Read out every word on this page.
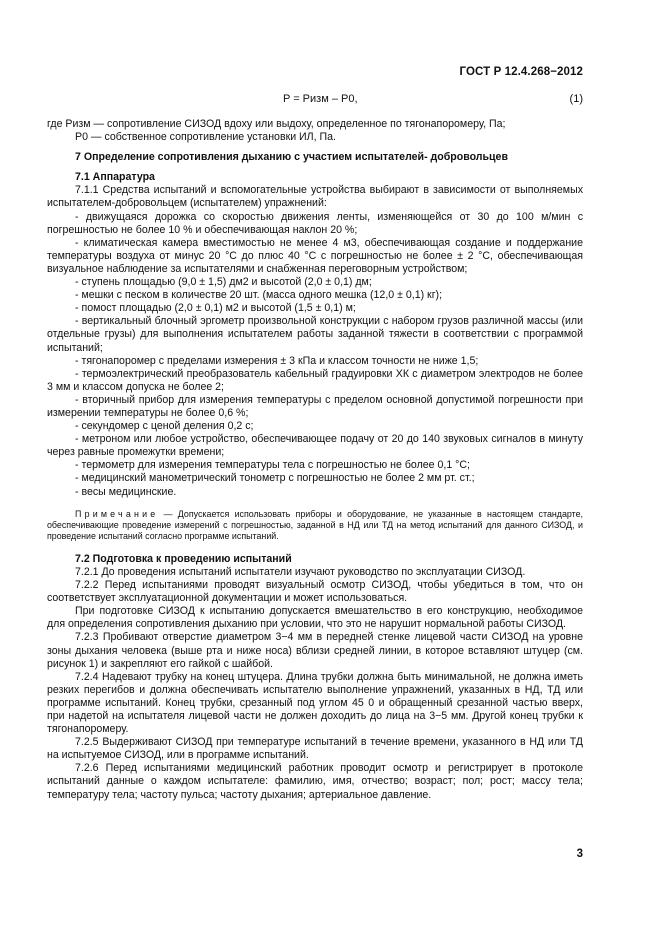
ГОСТ Р 12.4.268−2012
P = Pизм – P0,	(1)

где Pизм — сопротивление СИЗОД вдоху или выдоху, определенное по тягонапоромеру, Па;

P0 — собственное сопротивление установки ИЛ, Па.

7 Определение сопротивления дыханию с участием испытателей- добровольцев

7.1 Аппаратура

7.1.1 Средства испытаний и вспомогательные устройства выбирают в зависимости от выполняемых испытателем-добровольцем (испытателем) упражнений:

- движущаяся дорожка со скоростью движения ленты, изменяющейся от 30 до 100 м/мин с погрешностью не более 10 % и обеспечивающая наклон 20 %;

- климатическая камера вместимостью не менее 4 м3, обеспечивающая создание и поддержание температуры воздуха от минус 20 °С до плюс 40 °С с погрешностью не более ± 2 °С, обеспечивающая визуальное наблюдение за испытателями и снабженная переговорным устройством;

- ступень площадью (9,0 ± 1,5) дм2 и высотой (2,0 ± 0,1) дм;

- мешки с песком в количестве 20 шт. (масса одного мешка (12,0 ± 0,1) кг);

- помост площадью (2,0 ± 0,1) м2 и высотой (1,5 ± 0,1) м;

- вертикальный блочный эргометр произвольной конструкции с набором грузов различной массы (или отдельные грузы) для выполнения испытателем работы заданной тяжести в соответствии с программой испытаний;

- тягонапоромер с пределами измерения ± 3 кПа и классом точности не ниже 1,5;

- термоэлектрический преобразователь кабельный градуировки ХК с диаметром электродов не более 3 мм и классом допуска не более 2;

- вторичный прибор для измерения температуры с пределом основной допустимой погрешности при измерении температуры не более 0,6 %;

- секундомер с ценой деления 0,2 с;

- метроном или любое устройство, обеспечивающее подачу от 20 до 140 звуковых сигналов в минуту через равные промежутки времени;

- термометр для измерения температуры тела с погрешностью не более 0,1 °С;

- медицинский манометрический тонометр с погрешностью не более 2 мм рт. ст.;

- весы медицинские.

Примечание — Допускается использовать приборы и оборудование, не указанные в настоящем стандарте, обеспечивающие проведение измерений с погрешностью, заданной в НД или ТД на метод испытаний для данного СИЗОД, и проведение испытаний согласно программе испытаний.

7.2 Подготовка к проведению испытаний

7.2.1 До проведения испытаний испытатели изучают руководство по эксплуатации СИЗОД.

7.2.2 Перед испытаниями проводят визуальный осмотр СИЗОД, чтобы убедиться в том, что он соответствует эксплуатационной документации и может использоваться.

При подготовке СИЗОД к испытанию допускается вмешательство в его конструкцию, необходимое для определения сопротивления дыханию при условии, что это не нарушит нормальной работы СИЗОД.

7.2.3 Пробивают отверстие диаметром 3−4 мм в передней стенке лицевой части СИЗОД на уровне зоны дыхания человека (выше рта и ниже носа) вблизи средней линии, в которое вставляют штуцер (см. рисунок 1) и закрепляют его гайкой с шайбой.

7.2.4 Надевают трубку на конец штуцера. Длина трубки должна быть минимальной, не должна иметь резких перегибов и должна обеспечивать испытателю выполнение упражнений, указанных в НД, ТД или программе испытаний. Конец трубки, срезанный под углом 45 0 и обращенный срезанной частью вверх, при надетой на испытателя лицевой части не должен доходить до лица на 3−5 мм. Другой конец трубки к тягонапоромеру.

7.2.5 Выдерживают СИЗОД при температуре испытаний в течение времени, указанного в НД или ТД на испытуемое СИЗОД, или в программе испытаний.

7.2.6 Перед испытаниями медицинский работник проводит осмотр и регистрирует в протоколе испытаний данные о каждом испытателе: фамилию, имя, отчество; возраст; пол; рост; массу тела; температуру тела; частоту пульса; частоту дыхания; артериальное давление.

3
